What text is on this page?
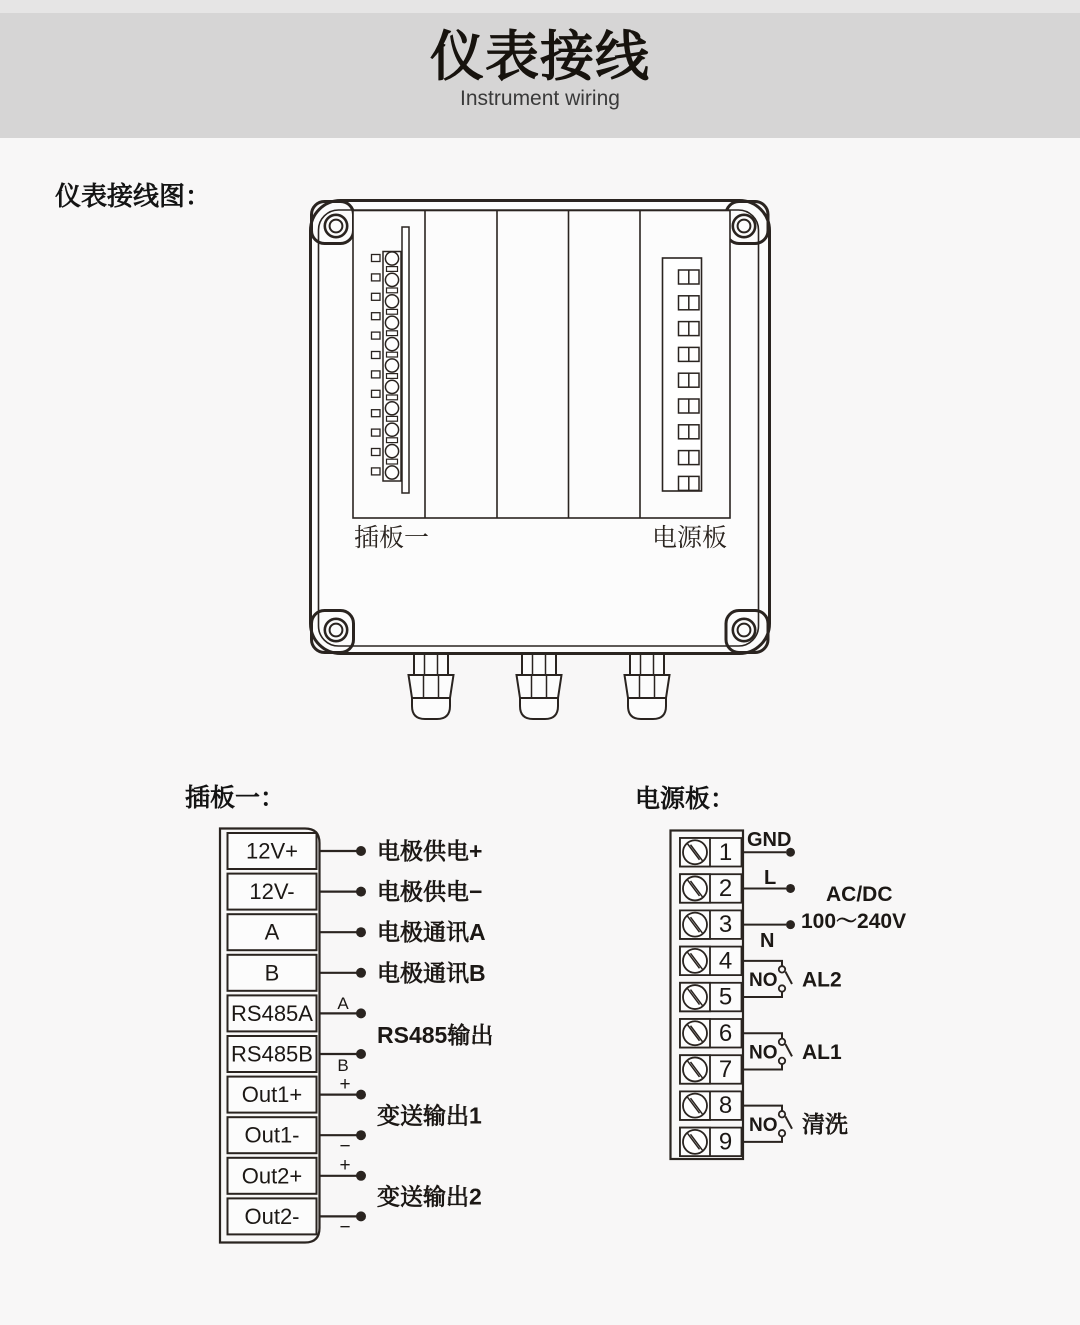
仪表接线
Instrument wiring
仪表接线图：
插板一	电源板
插板一：	电源板：
12V+
12V-
A
B
RS485A
RS485B
Out1+
Out1-
Out2+
Out2-
电极供电+
电极供电−
电极通讯A
电极通讯B
A
B
RS485输出
+
−
变送输出1
+
−
变送输出2
1
2
3
4
5
6
7
8
9
GND
L
N
AC/DC
100～240V
NO AL2
NO AL1
NO 清洗
